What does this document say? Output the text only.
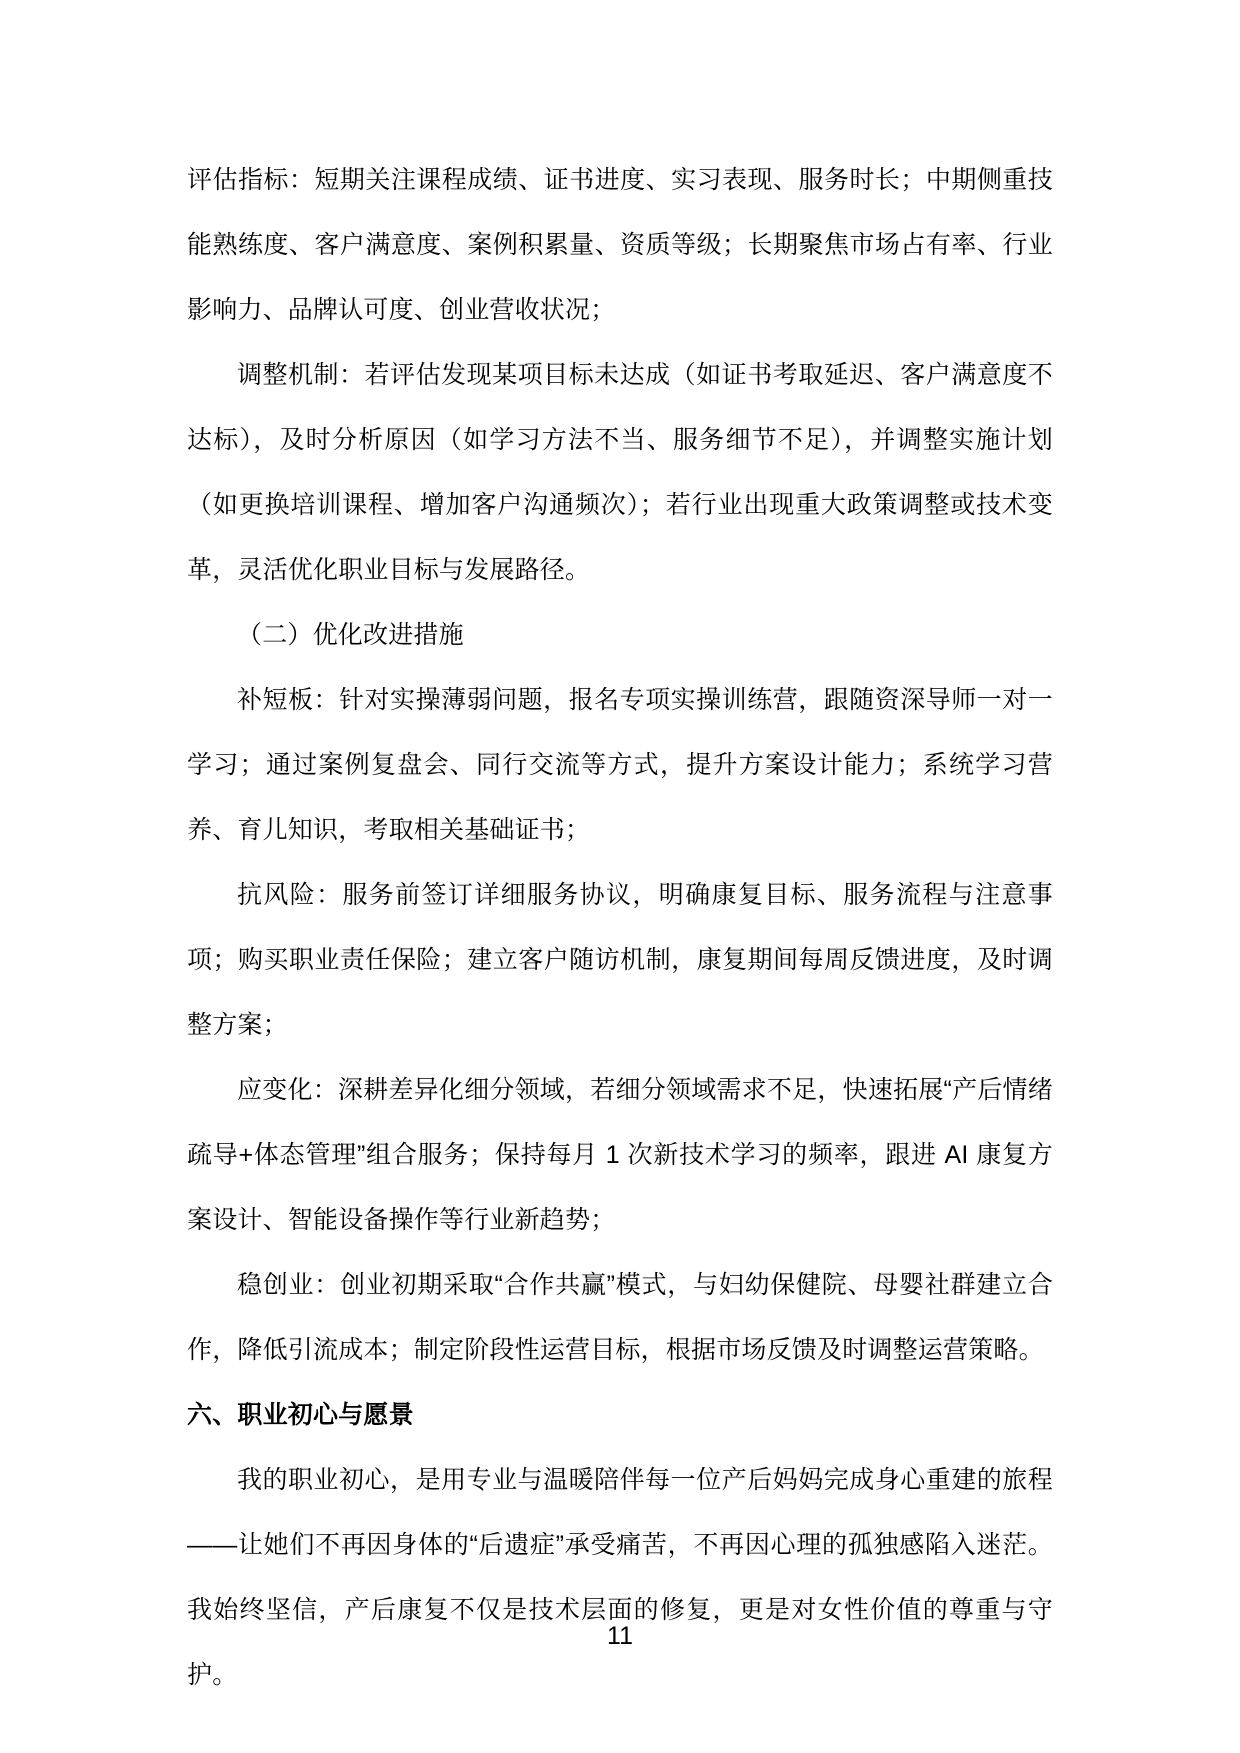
评估指标：短期关注课程成绩、证书进度、实习表现、服务时长；中期侧重技能熟练度、客户满意度、案例积累量、资质等级；长期聚焦市场占有率、行业影响力、品牌认可度、创业营收状况；

调整机制：若评估发现某项目标未达成（如证书考取延迟、客户满意度不达标），及时分析原因（如学习方法不当、服务细节不足），并调整实施计划（如更换培训课程、增加客户沟通频次）；若行业出现重大政策调整或技术变革，灵活优化职业目标与发展路径。

（二）优化改进措施

补短板：针对实操薄弱问题，报名专项实操训练营，跟随资深导师一对一学习；通过案例复盘会、同行交流等方式，提升方案设计能力；系统学习营养、育儿知识，考取相关基础证书；

抗风险：服务前签订详细服务协议，明确康复目标、服务流程与注意事项；购买职业责任保险；建立客户随访机制，康复期间每周反馈进度，及时调整方案；

应变化：深耕差异化细分领域，若细分领域需求不足，快速拓展“产后情绪疏导+体态管理”组合服务；保持每月 1 次新技术学习的频率，跟进 AI 康复方案设计、智能设备操作等行业新趋势；

稳创业：创业初期采取“合作共赢”模式，与妇幼保健院、母婴社群建立合作，降低引流成本；制定阶段性运营目标，根据市场反馈及时调整运营策略。

六、职业初心与愿景

我的职业初心，是用专业与温暖陪伴每一位产后妈妈完成身心重建的旅程——让她们不再因身体的“后遗症”承受痛苦，不再因心理的孤独感陷入迷茫。我始终坚信，产后康复不仅是技术层面的修复，更是对女性价值的尊重与守护。

11
